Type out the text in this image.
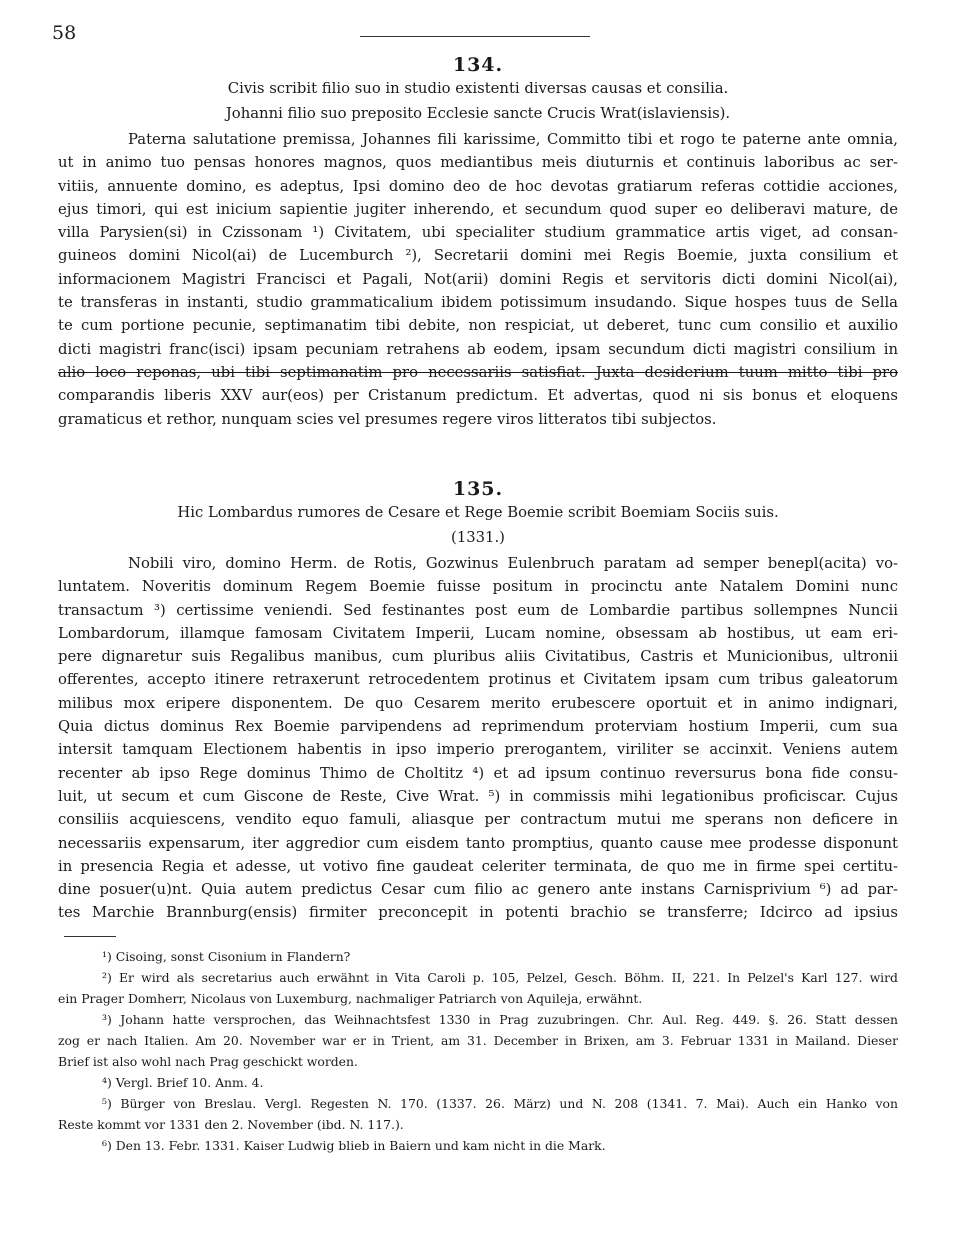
58
134.
Civis scribit filio suo in studio existenti diversas causas et consilia.
Johanni filio suo preposito Ecclesie sancte Crucis Wrat(islaviensis).
Paterna salutatione premissa, Johannes fili karissime, Committo tibi et rogo te paterne ante omnia,
ut in animo tuo pensas honores magnos, quos mediantibus meis diuturnis et continuis laboribus ac ser-
vitiis, annuente domino, es adeptus, Ipsi domino deo de hoc devotas gratiarum referas cottidie acciones,
ejus timori, qui est inicium sapientie jugiter inherendo, et secundum quod super eo deliberavi mature, de
villa Parysien(si) in Czissonam ¹) Civitatem, ubi specialiter studium grammatice artis viget, ad consan-
guineos domini Nicol(ai) de Lucemburch ²), Secretarii domini mei Regis Boemie, juxta consilium et
informacionem Magistri Francisci et Pagali, Not(arii) domini Regis et servitoris dicti domini Nicol(ai),
te transferas in instanti, studio grammaticalium ibidem potissimum insudando. Sique hospes tuus de Sella
te cum portione pecunie, septimanatim tibi debite, non respiciat, ut deberet, tunc cum consilio et auxilio
dicti magistri franc(isci) ipsam pecuniam retrahens ab eodem, ipsam secundum dicti magistri consilium in
alio loco reponas, ubi tibi septimanatim pro necessariis satisfiat. Juxta desiderium tuum mitto tibi pro
comparandis liberis XXV aur(eos) per Cristanum predictum. Et advertas, quod ni sis bonus et eloquens
gramaticus et rethor, nunquam scies vel presumes regere viros litteratos tibi subjectos.
135.
Hic Lombardus rumores de Cesare et Rege Boemie scribit Boemiam Sociis suis.
(1331.)
Nobili viro, domino Herm. de Rotis, Gozwinus Eulenbruch paratam ad semper benepl(acita) vo-
luntatem. Noveritis dominum Regem Boemie fuisse positum in procinctu ante Natalem Domini nunc
transactum ³) certissime veniendi. Sed festinantes post eum de Lombardie partibus sollempnes Nuncii
Lombardorum, illamque famosam Civitatem Imperii, Lucam nomine, obsessam ab hostibus, ut eam eri-
pere dignaretur suis Regalibus manibus, cum pluribus aliis Civitatibus, Castris et Municionibus, ultronii
offerentes, accepto itinere retraxerunt retrocedentem protinus et Civitatem ipsam cum tribus galeatorum
milibus mox eripere disponentem. De quo Cesarem merito erubescere oportuit et in animo indignari,
Quia dictus dominus Rex Boemie parvipendens ad reprimendum proterviam hostium Imperii, cum sua
intersit tamquam Electionem habentis in ipso imperio prerogantem, viriliter se accinxit. Veniens autem
recenter ab ipso Rege dominus Thimo de Choltitz ⁴) et ad ipsum continuo reversurus bona fide consu-
luit, ut secum et cum Giscone de Reste, Cive Wrat. ⁵) in commissis mihi legationibus proficiscar. Cujus
consiliis acquiescens, vendito equo famuli, aliasque per contractum mutui me sperans non deficere in
necessariis expensarum, iter aggredior cum eisdem tanto promptius, quanto cause mee prodesse disponunt
in presencia Regia et adesse, ut votivo fine gaudeat celeriter terminata, de quo me in firme spei certitu-
dine posuer(u)nt. Quia autem predictus Cesar cum filio ac genero ante instans Carnisprivium ⁶) ad par-
tes Marchie Brannburg(ensis) firmiter preconcepit in potenti brachio se transferre; Idcirco ad ipsius
¹) Cisoing, sonst Cisonium in Flandern?
²) Er wird als secretarius auch erwähnt in Vita Caroli p. 105, Pelzel, Gesch. Böhm. II, 221. In Pelzel's Karl 127. wird
ein Prager Domherr, Nicolaus von Luxemburg, nachmaliger Patriarch von Aquileja, erwähnt.
³) Johann hatte versprochen, das Weihnachtsfest 1330 in Prag zuzubringen. Chr. Aul. Reg. 449. §. 26. Statt dessen
zog er nach Italien. Am 20. November war er in Trient, am 31. December in Brixen, am 3. Februar 1331 in Mailand. Dieser
Brief ist also wohl nach Prag geschickt worden.
⁴) Vergl. Brief 10. Anm. 4.
⁵) Bürger von Breslau. Vergl. Regesten N. 170. (1337. 26. März) und N. 208 (1341. 7. Mai). Auch ein Hanko von
Reste kommt vor 1331 den 2. November (ibd. N. 117.).
⁶) Den 13. Febr. 1331. Kaiser Ludwig blieb in Baiern und kam nicht in die Mark.
